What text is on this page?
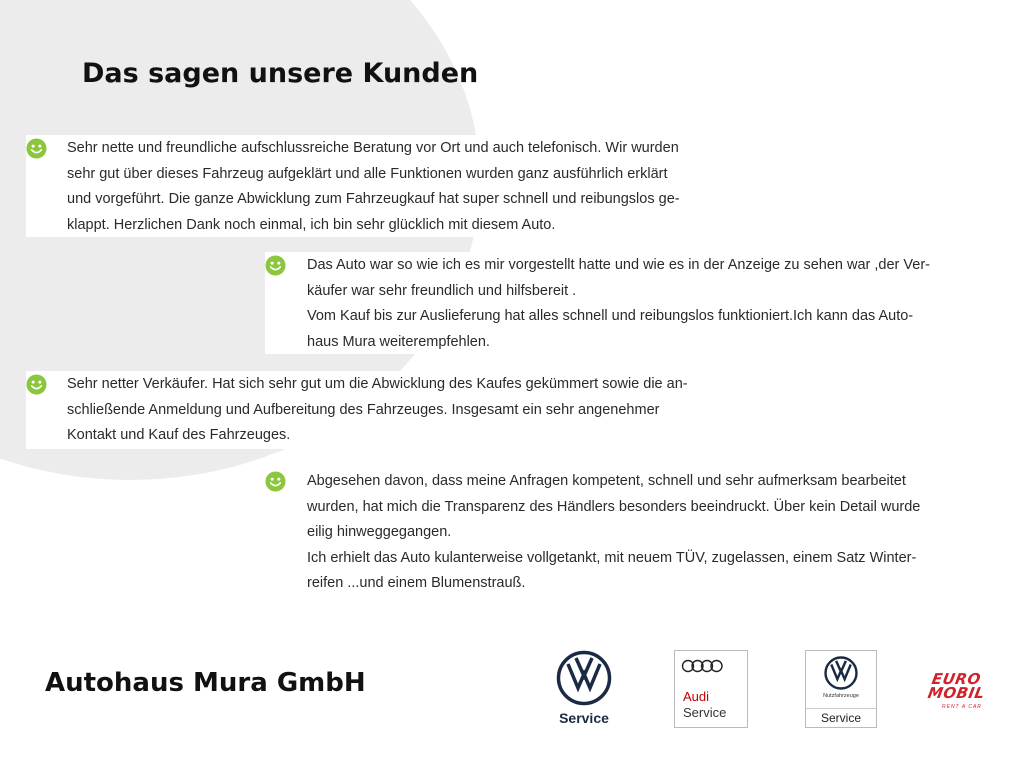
Das sagen unsere Kunden

Sehr nette und freundliche aufschlussreiche Beratung vor Ort und auch telefonisch. Wir wurden

sehr gut über dieses Fahrzeug aufgeklärt und alle Funktionen wurden ganz ausführlich erklärt

und vorgeführt. Die ganze Abwicklung zum Fahrzeugkauf hat super schnell und reibungslos ge-

klappt. Herzlichen Dank noch einmal, ich bin sehr glücklich mit diesem Auto.

Das Auto war so wie ich es mir vorgestellt hatte und wie es in der Anzeige zu sehen war ,der Ver-

käufer war sehr freundlich und hilfsbereit .

Vom Kauf bis zur Auslieferung hat alles schnell und reibungslos funktioniert.Ich kann das Auto-

haus Mura weiterempfehlen.

Sehr netter Verkäufer. Hat sich sehr gut um die Abwicklung des Kaufes gekümmert sowie die an-

schließende Anmeldung und Aufbereitung des Fahrzeuges. Insgesamt ein sehr angenehmer

Kontakt und Kauf des Fahrzeuges.

Abgesehen davon, dass meine Anfragen kompetent, schnell und sehr aufmerksam bearbeitet

wurden, hat mich die Transparenz des Händlers besonders beeindruckt. Über kein Detail wurde

eilig hinweggegangen.

Ich erhielt das Auto kulanterweise vollgetankt, mit neuem TÜV, zugelassen, einem Satz Winter-

reifen ...und einem Blumenstrauß.

Autohaus Mura GmbH
Service
Audi
Service
Nutzfahrzeuge
Service
EURO
MOBIL
RENT A CAR
